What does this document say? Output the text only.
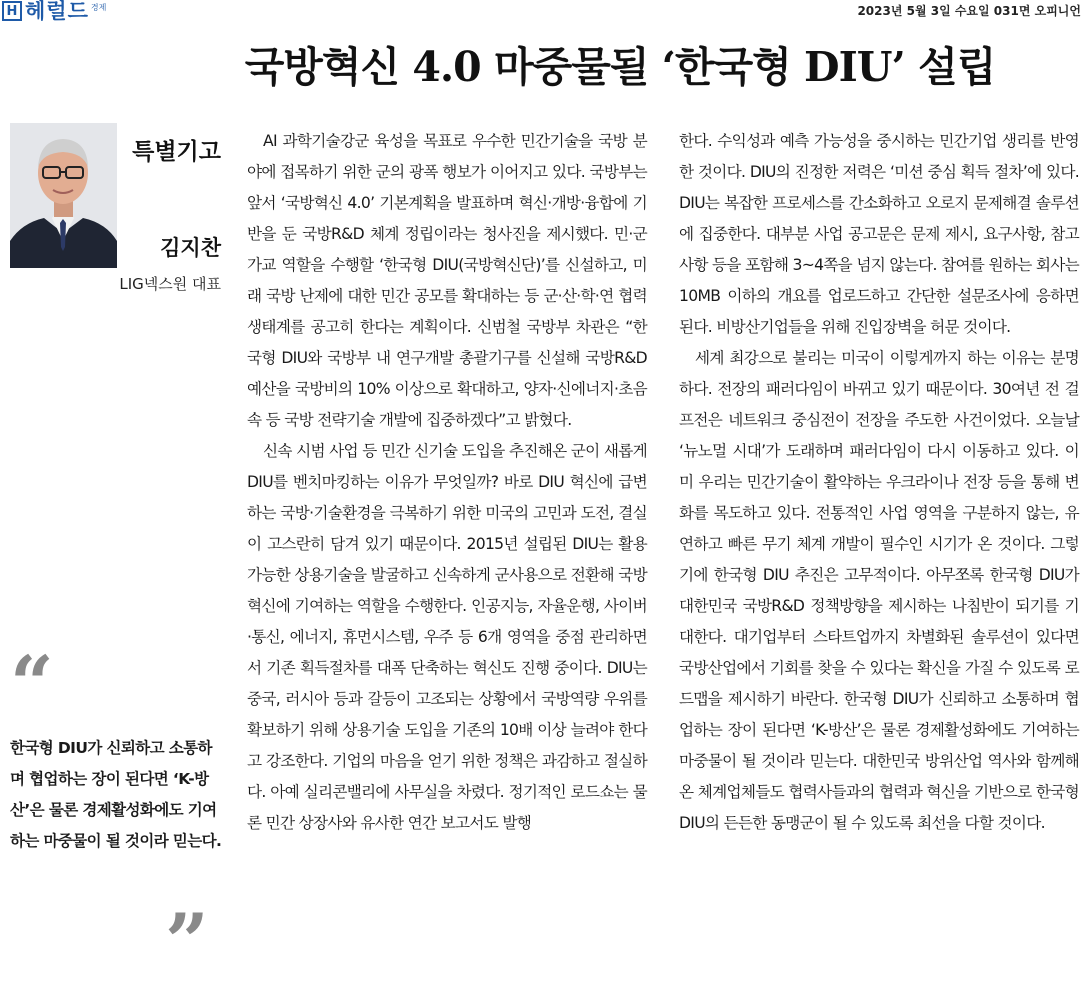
H 헤럴드 경제	2023년 5월 3일 수요일 031면 오피니언
국방혁신 4.0 마중물될 ‘한국형 DIU’ 설립
특별기고
김지찬
LIG넥스원 대표
“
한국형 DIU가 신뢰하고 소통하며 협업하는 장이 된다면 ‘K-방산’은 물론 경제활성화에도 기여하는 마중물이 될 것이라 믿는다.
”

AI 과학기술강군 육성을 목표로 우수한 민간기술을 국방 분야에 접목하기 위한 군의 광폭 행보가 이어지고 있다. 국방부는 앞서 ‘국방혁신 4.0’ 기본계획을 발표하며 혁신·개방·융합에 기반을 둔 국방R&D 체계 정립이라는 청사진을 제시했다. 민·군 가교 역할을 수행할 ‘한국형 DIU(국방혁신단)’를 신설하고, 미래 국방 난제에 대한 민간 공모를 확대하는 등 군·산·학·연 협력생태계를 공고히 한다는 계획이다. 신범철 국방부 차관은 “한국형 DIU와 국방부 내 연구개발 총괄기구를 신설해 국방R&D 예산을 국방비의 10% 이상으로 확대하고, 양자·신에너지·초음속 등 국방 전략기술 개발에 집중하겠다”고 밝혔다.

신속 시범 사업 등 민간 신기술 도입을 추진해온 군이 새롭게 DIU를 벤치마킹하는 이유가 무엇일까? 바로 DIU 혁신에 급변하는 국방·기술환경을 극복하기 위한 미국의 고민과 도전, 결실이 고스란히 담겨 있기 때문이다. 2015년 설립된 DIU는 활용가능한 상용기술을 발굴하고 신속하게 군사용으로 전환해 국방혁신에 기여하는 역할을 수행한다. 인공지능, 자율운행, 사이버·통신, 에너지, 휴먼시스템, 우주 등 6개 영역을 중점 관리하면서 기존 획득절차를 대폭 단축하는 혁신도 진행 중이다. DIU는 중국, 러시아 등과 갈등이 고조되는 상황에서 국방역량 우위를 확보하기 위해 상용기술 도입을 기존의 10배 이상 늘려야 한다고 강조한다. 기업의 마음을 얻기 위한 정책은 과감하고 절실하다. 아예 실리콘밸리에 사무실을 차렸다. 정기적인 로드쇼는 물론 민간 상장사와 유사한 연간 보고서도 발행

한다. 수익성과 예측 가능성을 중시하는 민간기업 생리를 반영한 것이다. DIU의 진정한 저력은 ‘미션 중심 획득 절차’에 있다. DIU는 복잡한 프로세스를 간소화하고 오로지 문제해결 솔루션에 집중한다. 대부분 사업 공고문은 문제 제시, 요구사항, 참고사항 등을 포함해 3~4쪽을 넘지 않는다. 참여를 원하는 회사는 10MB 이하의 개요를 업로드하고 간단한 설문조사에 응하면 된다. 비방산기업들을 위해 진입장벽을 허문 것이다.

세계 최강으로 불리는 미국이 이렇게까지 하는 이유는 분명하다. 전장의 패러다임이 바뀌고 있기 때문이다. 30여년 전 걸프전은 네트워크 중심전이 전장을 주도한 사건이었다. 오늘날 ‘뉴노멀 시대’가 도래하며 패러다임이 다시 이동하고 있다. 이미 우리는 민간기술이 활약하는 우크라이나 전장 등을 통해 변화를 목도하고 있다. 전통적인 사업 영역을 구분하지 않는, 유연하고 빠른 무기 체계 개발이 필수인 시기가 온 것이다. 그렇기에 한국형 DIU 추진은 고무적이다. 아무쪼록 한국형 DIU가 대한민국 국방R&D 정책방향을 제시하는 나침반이 되기를 기대한다. 대기업부터 스타트업까지 차별화된 솔루션이 있다면 국방산업에서 기회를 찾을 수 있다는 확신을 가질 수 있도록 로드맵을 제시하기 바란다. 한국형 DIU가 신뢰하고 소통하며 협업하는 장이 된다면 ‘K-방산’은 물론 경제활성화에도 기여하는 마중물이 될 것이라 믿는다. 대한민국 방위산업 역사와 함께해 온 체계업체들도 협력사들과의 협력과 혁신을 기반으로 한국형 DIU의 든든한 동맹군이 될 수 있도록 최선을 다할 것이다.
